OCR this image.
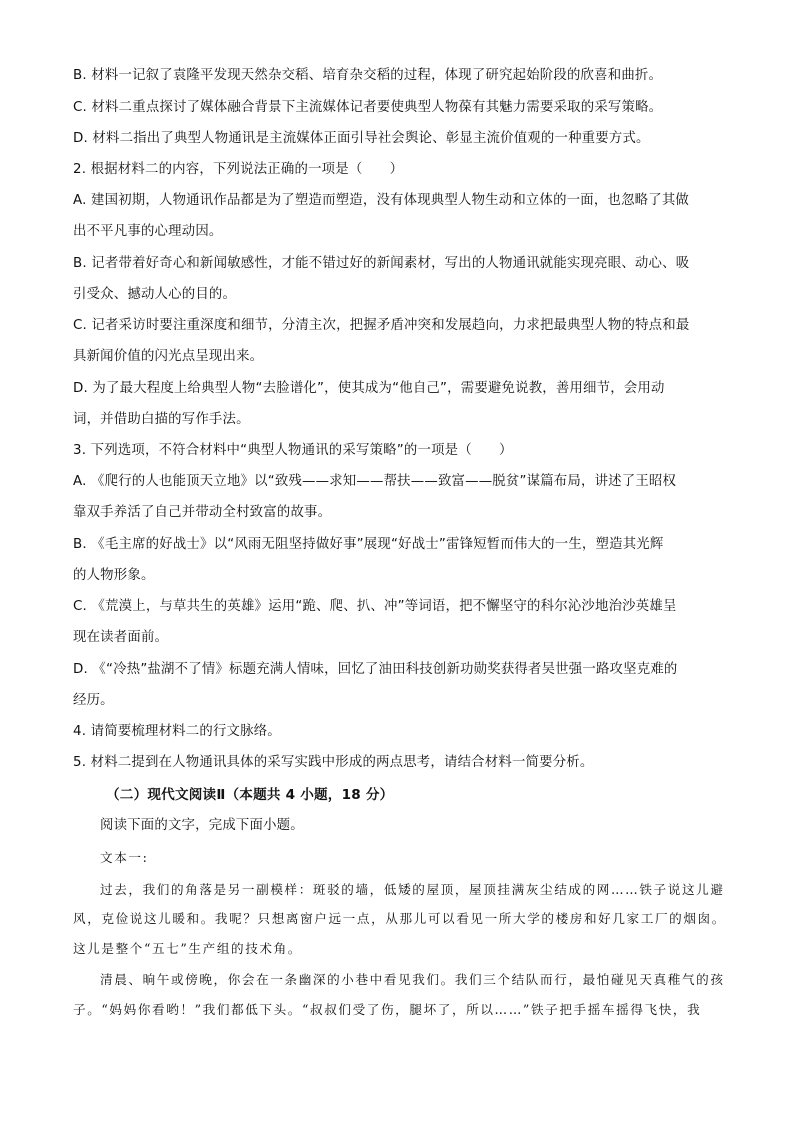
B. 材料一记叙了袁隆平发现天然杂交稻、培育杂交稻的过程，体现了研究起始阶段的欣喜和曲折。
C. 材料二重点探讨了媒体融合背景下主流媒体记者要使典型人物葆有其魅力需要采取的采写策略。
D. 材料二指出了典型人物通讯是主流媒体正面引导社会舆论、彰显主流价值观的一种重要方式。
2. 根据材料二的内容，下列说法正确的一项是（　　）
A. 建国初期，人物通讯作品都是为了塑造而塑造，没有体现典型人物生动和立体的一面，也忽略了其做
出不平凡事的心理动因。
B. 记者带着好奇心和新闻敏感性，才能不错过好的新闻素材，写出的人物通讯就能实现亮眼、动心、吸
引受众、撼动人心的目的。
C. 记者采访时要注重深度和细节，分清主次，把握矛盾冲突和发展趋向，力求把最典型人物的特点和最
具新闻价值的闪光点呈现出来。
D. 为了最大程度上给典型人物“去脸谱化”，使其成为“他自己”，需要避免说教，善用细节，会用动
词，并借助白描的写作手法。
3. 下列选项，不符合材料中“典型人物通讯的采写策略”的一项是（　　）
A. 《爬行的人也能顶天立地》以“致残——求知——帮扶——致富——脱贫”谋篇布局，讲述了王昭权
靠双手养活了自己并带动全村致富的故事。
B. 《毛主席的好战士》以“风雨无阻坚持做好事”展现“好战士”雷锋短暂而伟大的一生，塑造其光辉
的人物形象。
C. 《荒漠上，与草共生的英雄》运用“跪、爬、扒、冲”等词语，把不懈坚守的科尔沁沙地治沙英雄呈
现在读者面前。
D. 《“冷热”盐湖不了情》标题充满人情味，回忆了油田科技创新功勋奖获得者吴世强一路攻坚克难的
经历。
4. 请简要梳理材料二的行文脉络。
5. 材料二提到在人物通讯具体的采写实践中形成的两点思考，请结合材料一简要分析。
（二）现代文阅读Ⅱ（本题共 4 小题，18 分）
阅读下面的文字，完成下面小题。
文本一:
过去，我们的角落是另一副模样：斑驳的墙，低矮的屋顶，屋顶挂满灰尘结成的网……铁子说这儿避
风，克俭说这儿暖和。我呢？只想离窗户远一点，从那儿可以看见一所大学的楼房和好几家工厂的烟囱。
这儿是整个“五七”生产组的技术角。
清晨、晌午或傍晚，你会在一条幽深的小巷中看见我们。我们三个结队而行，最怕碰见天真稚气的孩
子。“妈妈你看哟！”我们都低下头。“叔叔们受了伤，腿坏了，所以……”铁子把手摇车摇得飞快，我
